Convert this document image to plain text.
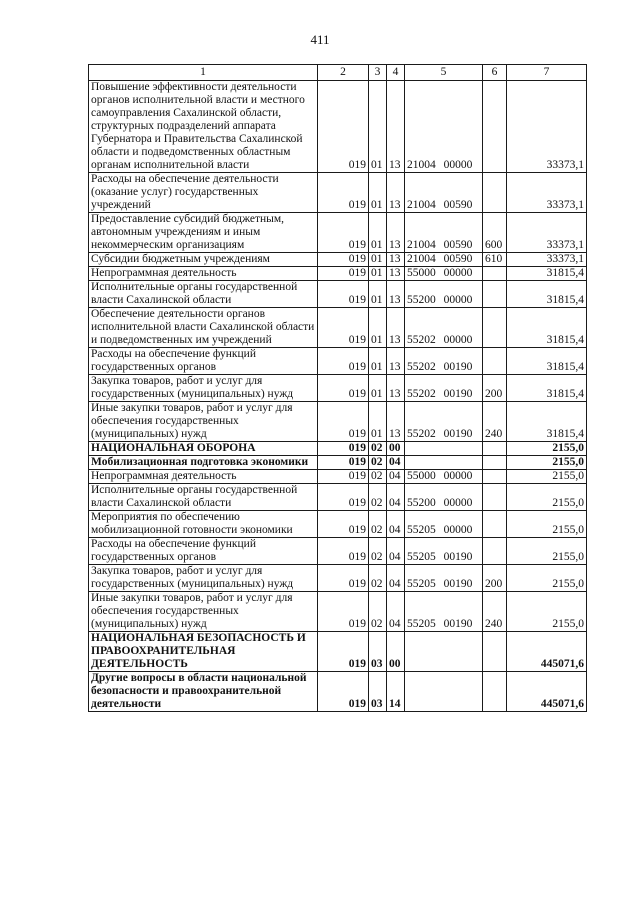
411
1	2	3	4	5	6	7
Повышение эффективности деятельности органов исполнительной власти и местного самоуправления Сахалинской области, структурных подразделений аппарата Губернатора и Правительства Сахалинской области и подведомственных областным органам исполнительной власти	019	01	13	21004 00000		33373,1
Расходы на обеспечение деятельности (оказание услуг) государственных учреждений	019	01	13	21004 00590		33373,1
Предоставление субсидий бюджетным, автономным учреждениям и иным некоммерческим организациям	019	01	13	21004 00590	600	33373,1
Субсидии бюджетным учреждениям	019	01	13	21004 00590	610	33373,1
Непрограммная деятельность	019	01	13	55000 00000		31815,4
Исполнительные органы государственной власти Сахалинской области	019	01	13	55200 00000		31815,4
Обеспечение деятельности органов исполнительной власти Сахалинской области и подведомственных им учреждений	019	01	13	55202 00000		31815,4
Расходы на обеспечение функций государственных органов	019	01	13	55202 00190		31815,4
Закупка товаров, работ и услуг для государственных (муниципальных) нужд	019	01	13	55202 00190	200	31815,4
Иные закупки товаров, работ и услуг для обеспечения государственных (муниципальных) нужд	019	01	13	55202 00190	240	31815,4
НАЦИОНАЛЬНАЯ ОБОРОНА	019	02	00			2155,0
Мобилизационная подготовка экономики	019	02	04			2155,0
Непрограммная деятельность	019	02	04	55000 00000		2155,0
Исполнительные органы государственной власти Сахалинской области	019	02	04	55200 00000		2155,0
Мероприятия по обеспечению мобилизационной готовности экономики	019	02	04	55205 00000		2155,0
Расходы на обеспечение функций государственных органов	019	02	04	55205 00190		2155,0
Закупка товаров, работ и услуг для государственных (муниципальных) нужд	019	02	04	55205 00190	200	2155,0
Иные закупки товаров, работ и услуг для обеспечения государственных (муниципальных) нужд	019	02	04	55205 00190	240	2155,0
НАЦИОНАЛЬНАЯ БЕЗОПАСНОСТЬ И ПРАВООХРАНИТЕЛЬНАЯ ДЕЯТЕЛЬНОСТЬ	019	03	00			445071,6
Другие вопросы в области национальной безопасности и правоохранительной деятельности	019	03	14			445071,6
